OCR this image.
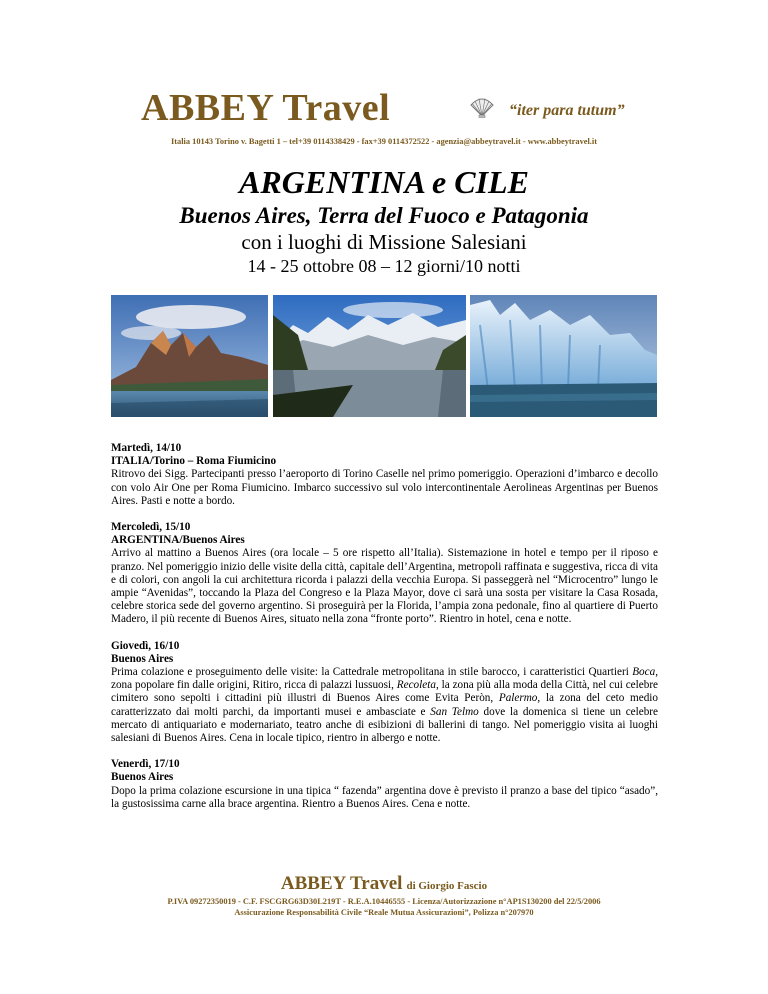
ABBEY Travel	“iter para tutum”
Italia 10143 Torino v. Bagetti 1 – tel+39 0114338429 - fax+39 0114372522 - agenzia@abbeytravel.it - www.abbeytravel.it
ARGENTINA e CILE
Buenos Aires, Terra del Fuoco e Patagonia
con i luoghi di Missione Salesiani
14 - 25 ottobre 08 – 12 giorni/10 notti
Martedì, 14/10
ITALIA/Torino – Roma Fiumicino
Ritrovo dei Sigg. Partecipanti presso l’aeroporto di Torino Caselle nel primo pomeriggio. Operazioni d’imbarco e decollo con volo Air One per Roma Fiumicino. Imbarco successivo sul volo intercontinentale Aerolineas Argentinas per Buenos Aires. Pasti e notte a bordo.
Mercoledì, 15/10
ARGENTINA/Buenos Aires
Arrivo al mattino a Buenos Aires (ora locale – 5 ore rispetto all’Italia). Sistemazione in hotel e tempo per il riposo e pranzo. Nel pomeriggio inizio delle visite della città, capitale dell’Argentina, metropoli raffinata e suggestiva, ricca di vita e di colori, con angoli la cui architettura ricorda i palazzi della vecchia Europa. Si passeggerà nel “Microcentro” lungo le ampie “Avenidas”, toccando la Plaza del Congreso e la Plaza Mayor, dove ci sarà una sosta per visitare la Casa Rosada, celebre storica sede del governo argentino. Si proseguirà per la Florida, l’ampia zona pedonale, fino al quartiere di Puerto Madero, il più recente di Buenos Aires, situato nella zona “fronte porto”. Rientro in hotel, cena e notte.
Giovedì, 16/10
Buenos Aires
Prima colazione e proseguimento delle visite: la Cattedrale metropolitana in stile barocco, i caratteristici Quartieri Boca, zona popolare fin dalle origini, Ritiro, ricca di palazzi lussuosi, Recoleta, la zona più alla moda della Città, nel cui celebre cimitero sono sepolti i cittadini più illustri di Buenos Aires come Evita Peròn, Palermo, la zona del ceto medio caratterizzato dai molti parchi, da importanti musei e ambasciate e San Telmo dove la domenica si tiene un celebre mercato di antiquariato e modernariato, teatro anche di esibizioni di ballerini di tango. Nel pomeriggio visita ai luoghi salesiani di Buenos Aires. Cena in locale tipico, rientro in albergo e notte.
Venerdì, 17/10
Buenos Aires
Dopo la prima colazione escursione in una tipica “ fazenda” argentina dove è previsto il pranzo a base del tipico “asado”, la gustosissima carne alla brace argentina. Rientro a Buenos Aires. Cena e notte.
ABBEY Travel di Giorgio Fascio
P.IVA 09272350019 - C.F. FSCGRG63D30L219T - R.E.A.10446555 - Licenza/Autorizzazione n°AP1S130200 del 22/5/2006
Assicurazione Responsabilità Civile “Reale Mutua Assicurazioni”, Polizza n°207970
